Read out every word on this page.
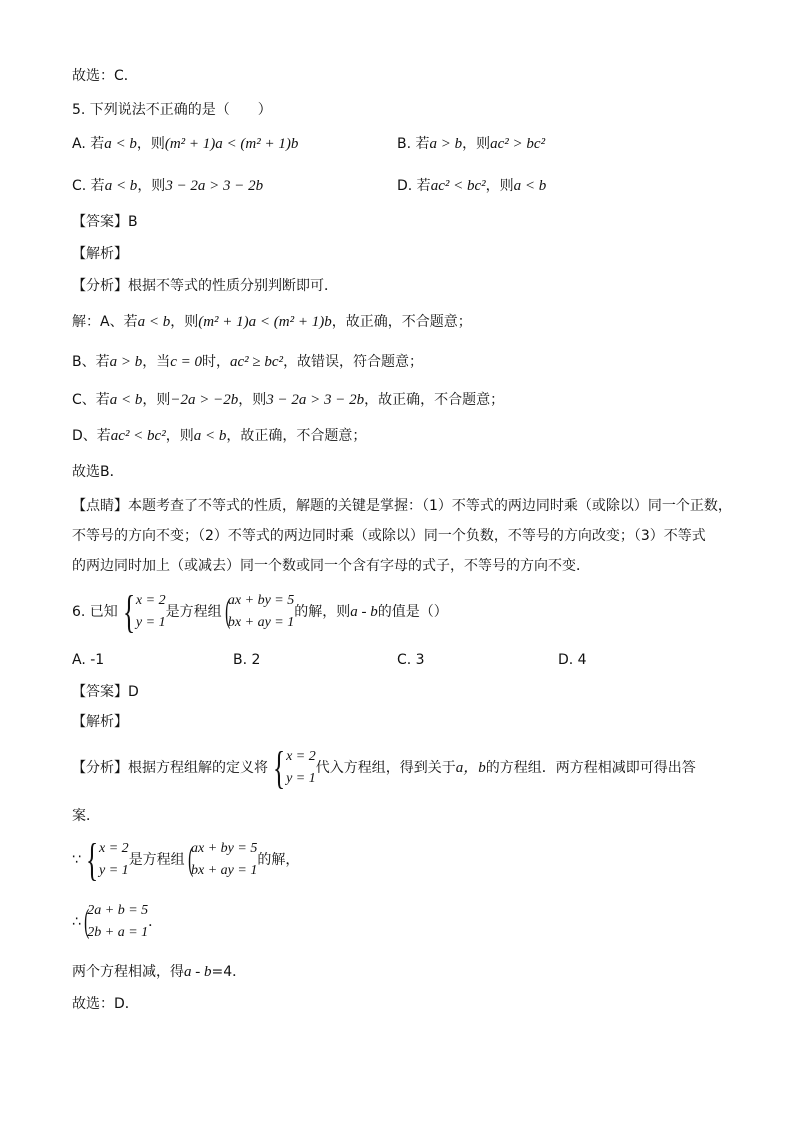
故选：C．
5. 下列说法不正确的是（　　）
A. 若a < b，则(m² + 1)a < (m² + 1)b	B. 若a > b，则ac² > bc²
C. 若a < b，则3 − 2a > 3 − 2b	D. 若ac² < bc²，则a < b
【答案】B
【解析】
【分析】根据不等式的性质分别判断即可．
解：A、若a < b，则(m² + 1)a < (m² + 1)b，故正确，不合题意；
B、若a > b，当c = 0时，ac² ≥ bc²，故错误，符合题意；
C、若a < b，则−2a > −2b，则3 − 2a > 3 − 2b，故正确，不合题意；
D、若ac² < bc²，则a < b，故正确，不合题意；
故选B．
【点睛】本题考查了不等式的性质，解题的关键是掌握：（1）不等式的两边同时乘（或除以）同一个正数，
不等号的方向不变；（2）不等式的两边同时乘（或除以）同一个负数，不等号的方向改变；（3）不等式
的两边同时加上（或减去）同一个数或同一个含有字母的式子，不等号的方向不变．
6. 已知 { x = 2
y = 1
是方程组(
ax + by = 5
bx + ay = 1
的解，则a - b的值是（）
A. -1	B. 2	C. 3	D. 4
【答案】D
【解析】
【分析】根据方程组解的定义将 { x = 2
y = 1
代入方程组，得到关于a，b的方程组．两方程相减即可得出答
案．
∵ { x = 2
y = 1
是方程组(
ax + by = 5
bx + ay = 1
的解，
∴(
2a + b = 5
2b + a = 1
．
两个方程相减，得a - b=4．
故选：D．
